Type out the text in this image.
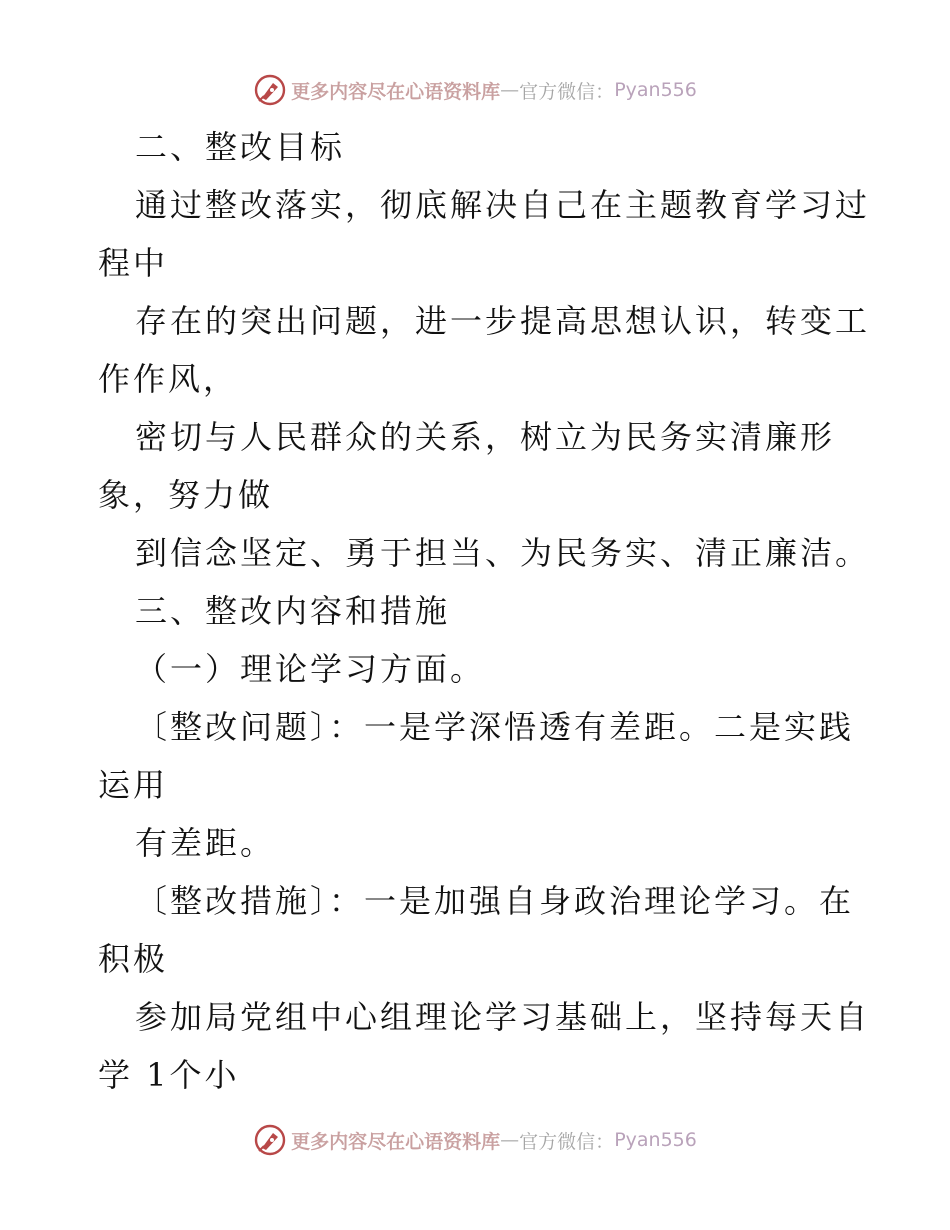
更多内容尽在心语资料库 — 官方微信： Pyan556
二、整改目标
通过整改落实，彻底解决自己在主题教育学习过
程中
存在的突出问题，进一步提高思想认识，转变工
作作风，
密切与人民群众的关系，树立为民务实清廉形
象，努力做
到信念坚定、勇于担当、为民务实、清正廉洁。
三、整改内容和措施
（一）理论学习方面。
〔整改问题〕：一是学深悟透有差距。二是实践
运用
有差距。
〔整改措施〕：一是加强自身政治理论学习。在
积极
参加局党组中心组理论学习基础上，坚持每天自
学 1个小
更多内容尽在心语资料库 — 官方微信： Pyan556
